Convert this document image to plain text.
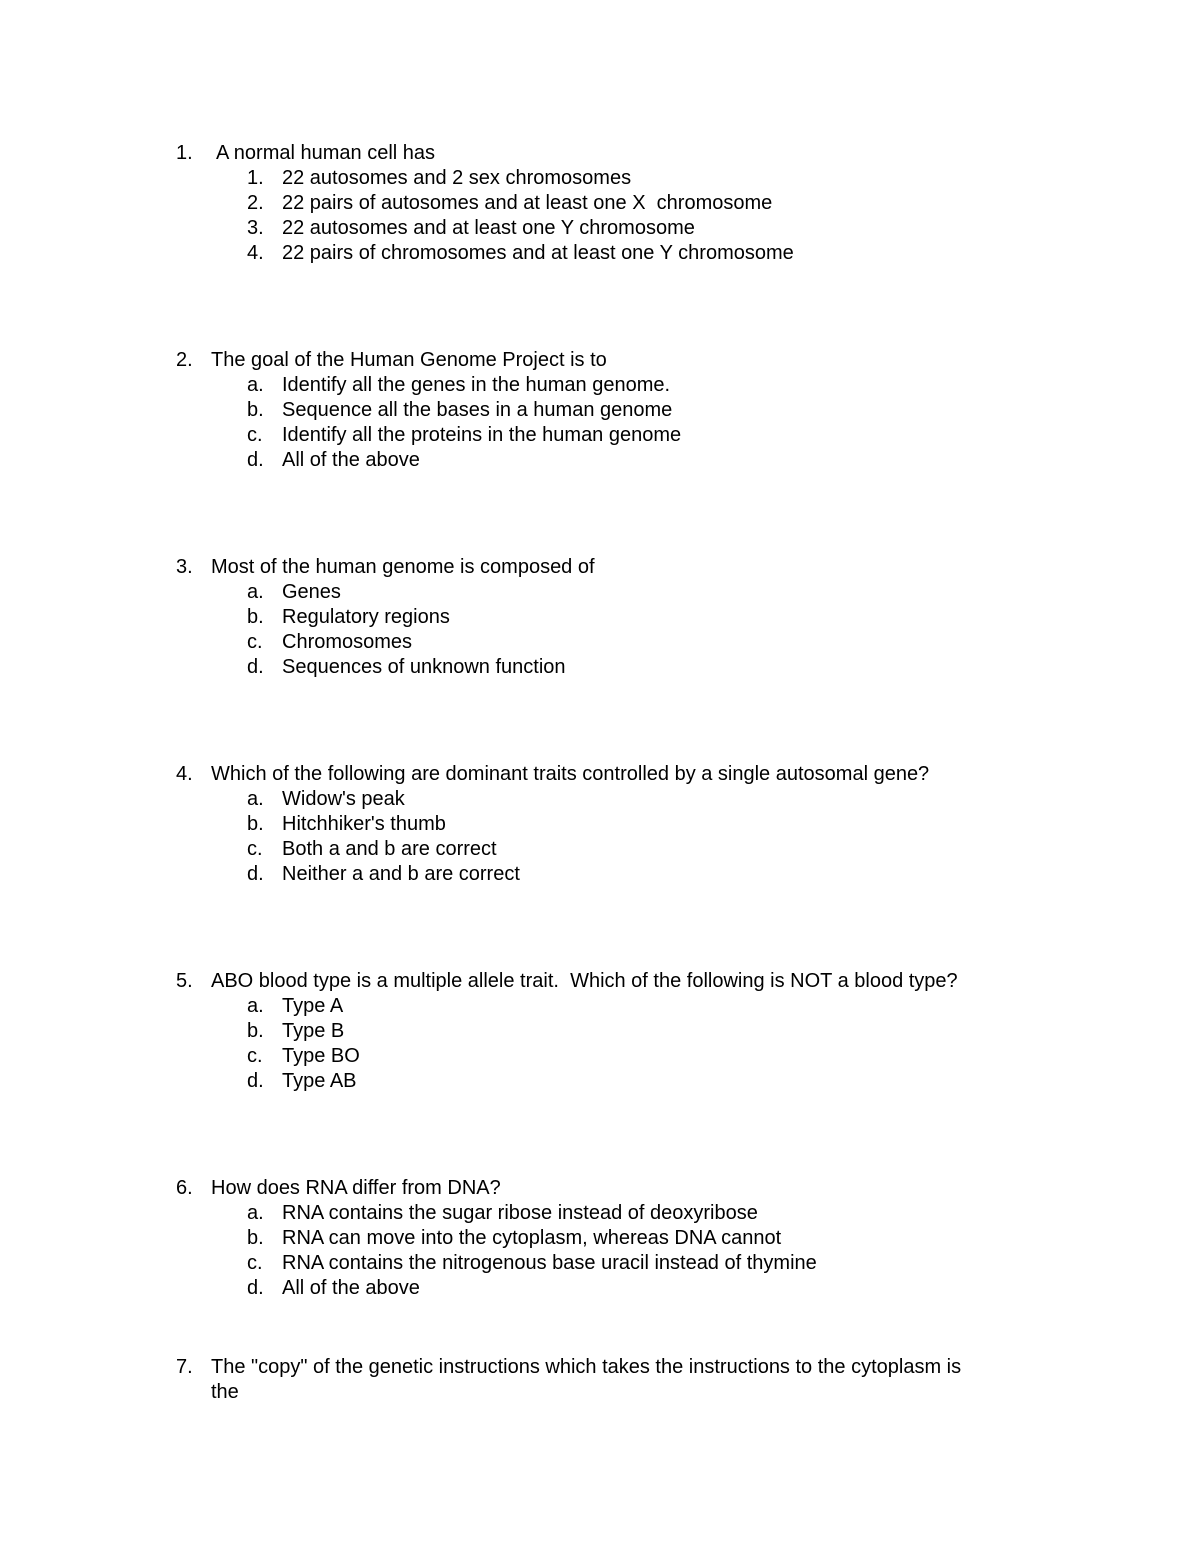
1.

A normal human cell has

1.

22 autosomes and 2 sex chromosomes

2.

22 pairs of autosomes and at least one X  chromosome

3.

22 autosomes and at least one Y chromosome

4.

22 pairs of chromosomes and at least one Y chromosome

2.

The goal of the Human Genome Project is to

a.

Identify all the genes in the human genome.

b.

Sequence all the bases in a human genome

c.

Identify all the proteins in the human genome

d.

All of the above

3.

Most of the human genome is composed of

a.

Genes

b.

Regulatory regions

c.

Chromosomes

d.

Sequences of unknown function

4.

Which of the following are dominant traits controlled by a single autosomal gene?

a.

Widow's peak

b.

Hitchhiker's thumb

c.

Both a and b are correct

d.

Neither a and b are correct

5.

ABO blood type is a multiple allele trait.  Which of the following is NOT a blood type?

a.

Type A

b.

Type B

c.

Type BO

d.

Type AB

6.

How does RNA differ from DNA?

a.

RNA contains the sugar ribose instead of deoxyribose

b.

RNA can move into the cytoplasm, whereas DNA cannot

c.

RNA contains the nitrogenous base uracil instead of thymine

d.

All of the above

7.

The "copy" of the genetic instructions which takes the instructions to the cytoplasm is

the
